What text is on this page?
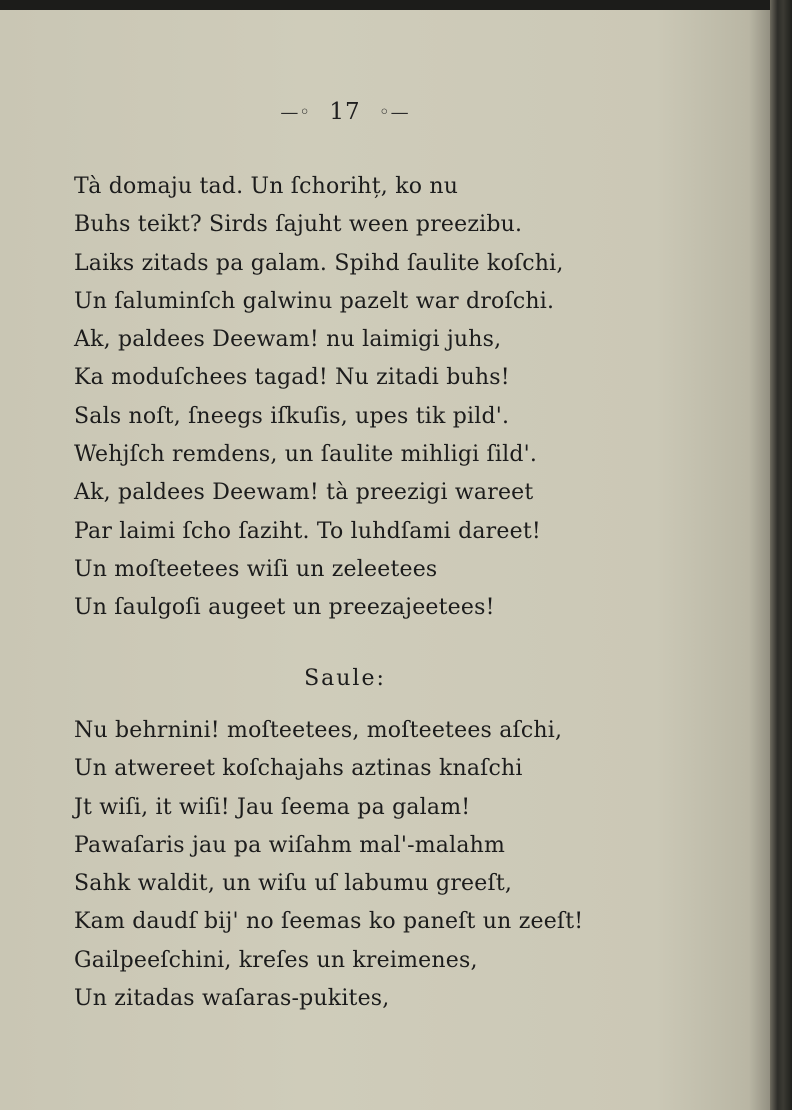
—◦ 17 ◦—
Tà domaju tad. Un ſchorihț, ko nu
Buhs teikt? Sirds ſajuht ween preezibu.
Laiks zitads pa galam. Spihd ſaulite koſchi,
Un ſaluminſch galwinu pazelt war droſchi.
Ak, paldees Deewam! nu laimigi juhs,
Ka moduſchees tagad! Nu zitadi buhs!
Sals noſt, ſneegs iſkuſis, upes tik pild'.
Wehjſch remdens, un ſaulite mihligi ſild'.
Ak, paldees Deewam! tà preezigi wareet
Par laimi ſcho ſaziht. To luhdſami dareet!
Un moſteetees wiſi un zeleetees
Un ſaulgoſi augeet un preezajeetees!
Saule:
Nu behrnini! moſteetees, moſteetees aſchi,
Un atwereet koſchajahs aztinas knaſchi
Jt wiſi, it wiſi! Jau ſeema pa galam!
Pawaſaris jau pa wiſahm mal'-malahm
Sahk waldit, un wiſu uſ labumu greeſt,
Kam daudſ bij' no ſeemas ko paneſt un zeeſt!
Gailpeeſchini, kreſes un kreimenes,
Un zitadas waſaras-pukites,
